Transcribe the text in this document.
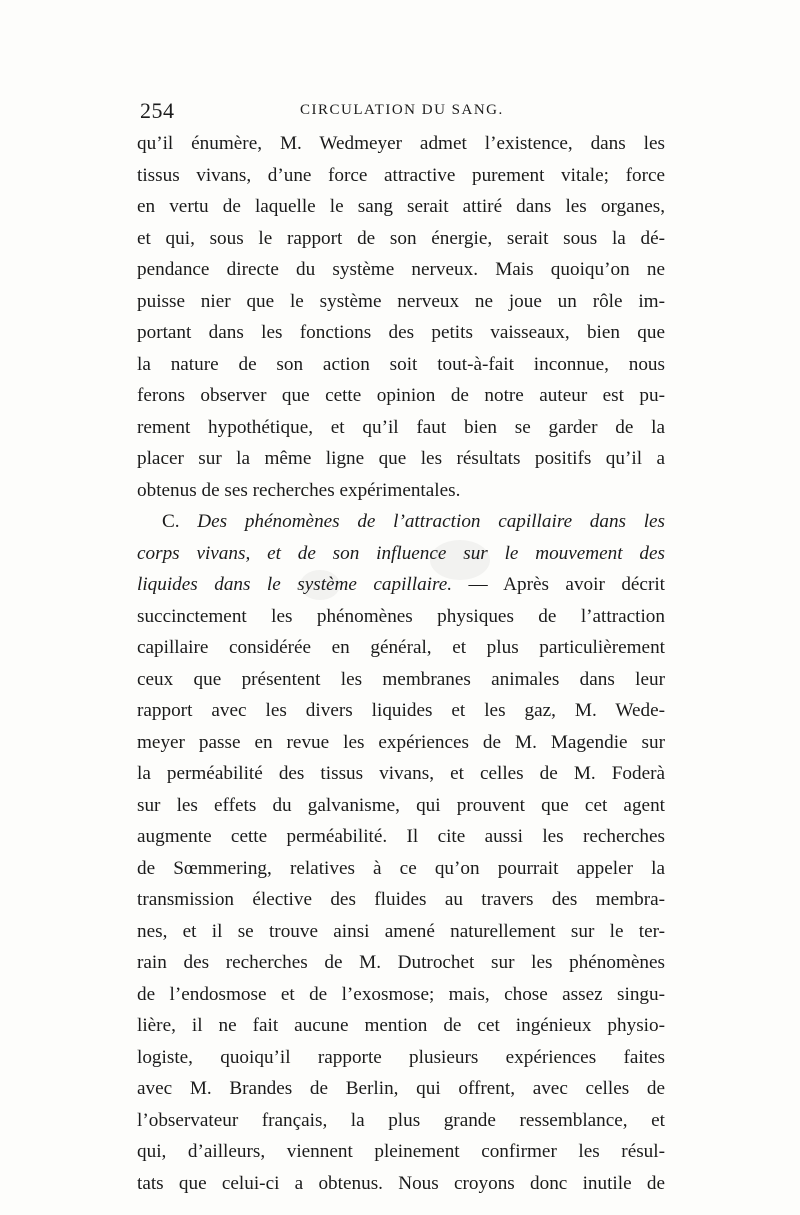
254	CIRCULATION DU SANG.
qu’il énumère, M. Wedmeyer admet l’existence, dans les
tissus vivans, d’une force attractive purement vitale; force
en vertu de laquelle le sang serait attiré dans les organes,
et qui, sous le rapport de son énergie, serait sous la dé-
pendance directe du système nerveux. Mais quoiqu’on ne
puisse nier que le système nerveux ne joue un rôle im-
portant dans les fonctions des petits vaisseaux, bien que
la nature de son action soit tout-à-fait inconnue, nous
ferons observer que cette opinion de notre auteur est pu-
rement hypothétique, et qu’il faut bien se garder de la
placer sur la même ligne que les résultats positifs qu’il a
obtenus de ses recherches expérimentales.
C. Des phénomènes de l’attraction capillaire dans les
corps vivans, et de son influence sur le mouvement des
liquides dans le système capillaire. — Après avoir décrit
succinctement les phénomènes physiques de l’attraction
capillaire considérée en général, et plus particulièrement
ceux que présentent les membranes animales dans leur
rapport avec les divers liquides et les gaz, M. Wede-
meyer passe en revue les expériences de M. Magendie sur
la perméabilité des tissus vivans, et celles de M. Foderà
sur les effets du galvanisme, qui prouvent que cet agent
augmente cette perméabilité. Il cite aussi les recherches
de Sœmmering, relatives à ce qu’on pourrait appeler la
transmission élective des fluides au travers des membra-
nes, et il se trouve ainsi amené naturellement sur le ter-
rain des recherches de M. Dutrochet sur les phénomènes
de l’endosmose et de l’exosmose; mais, chose assez singu-
lière, il ne fait aucune mention de cet ingénieux physio-
logiste, quoiqu’il rapporte plusieurs expériences faites
avec M. Brandes de Berlin, qui offrent, avec celles de
l’observateur français, la plus grande ressemblance, et
qui, d’ailleurs, viennent pleinement confirmer les résul-
tats que celui-ci a obtenus. Nous croyons donc inutile de
